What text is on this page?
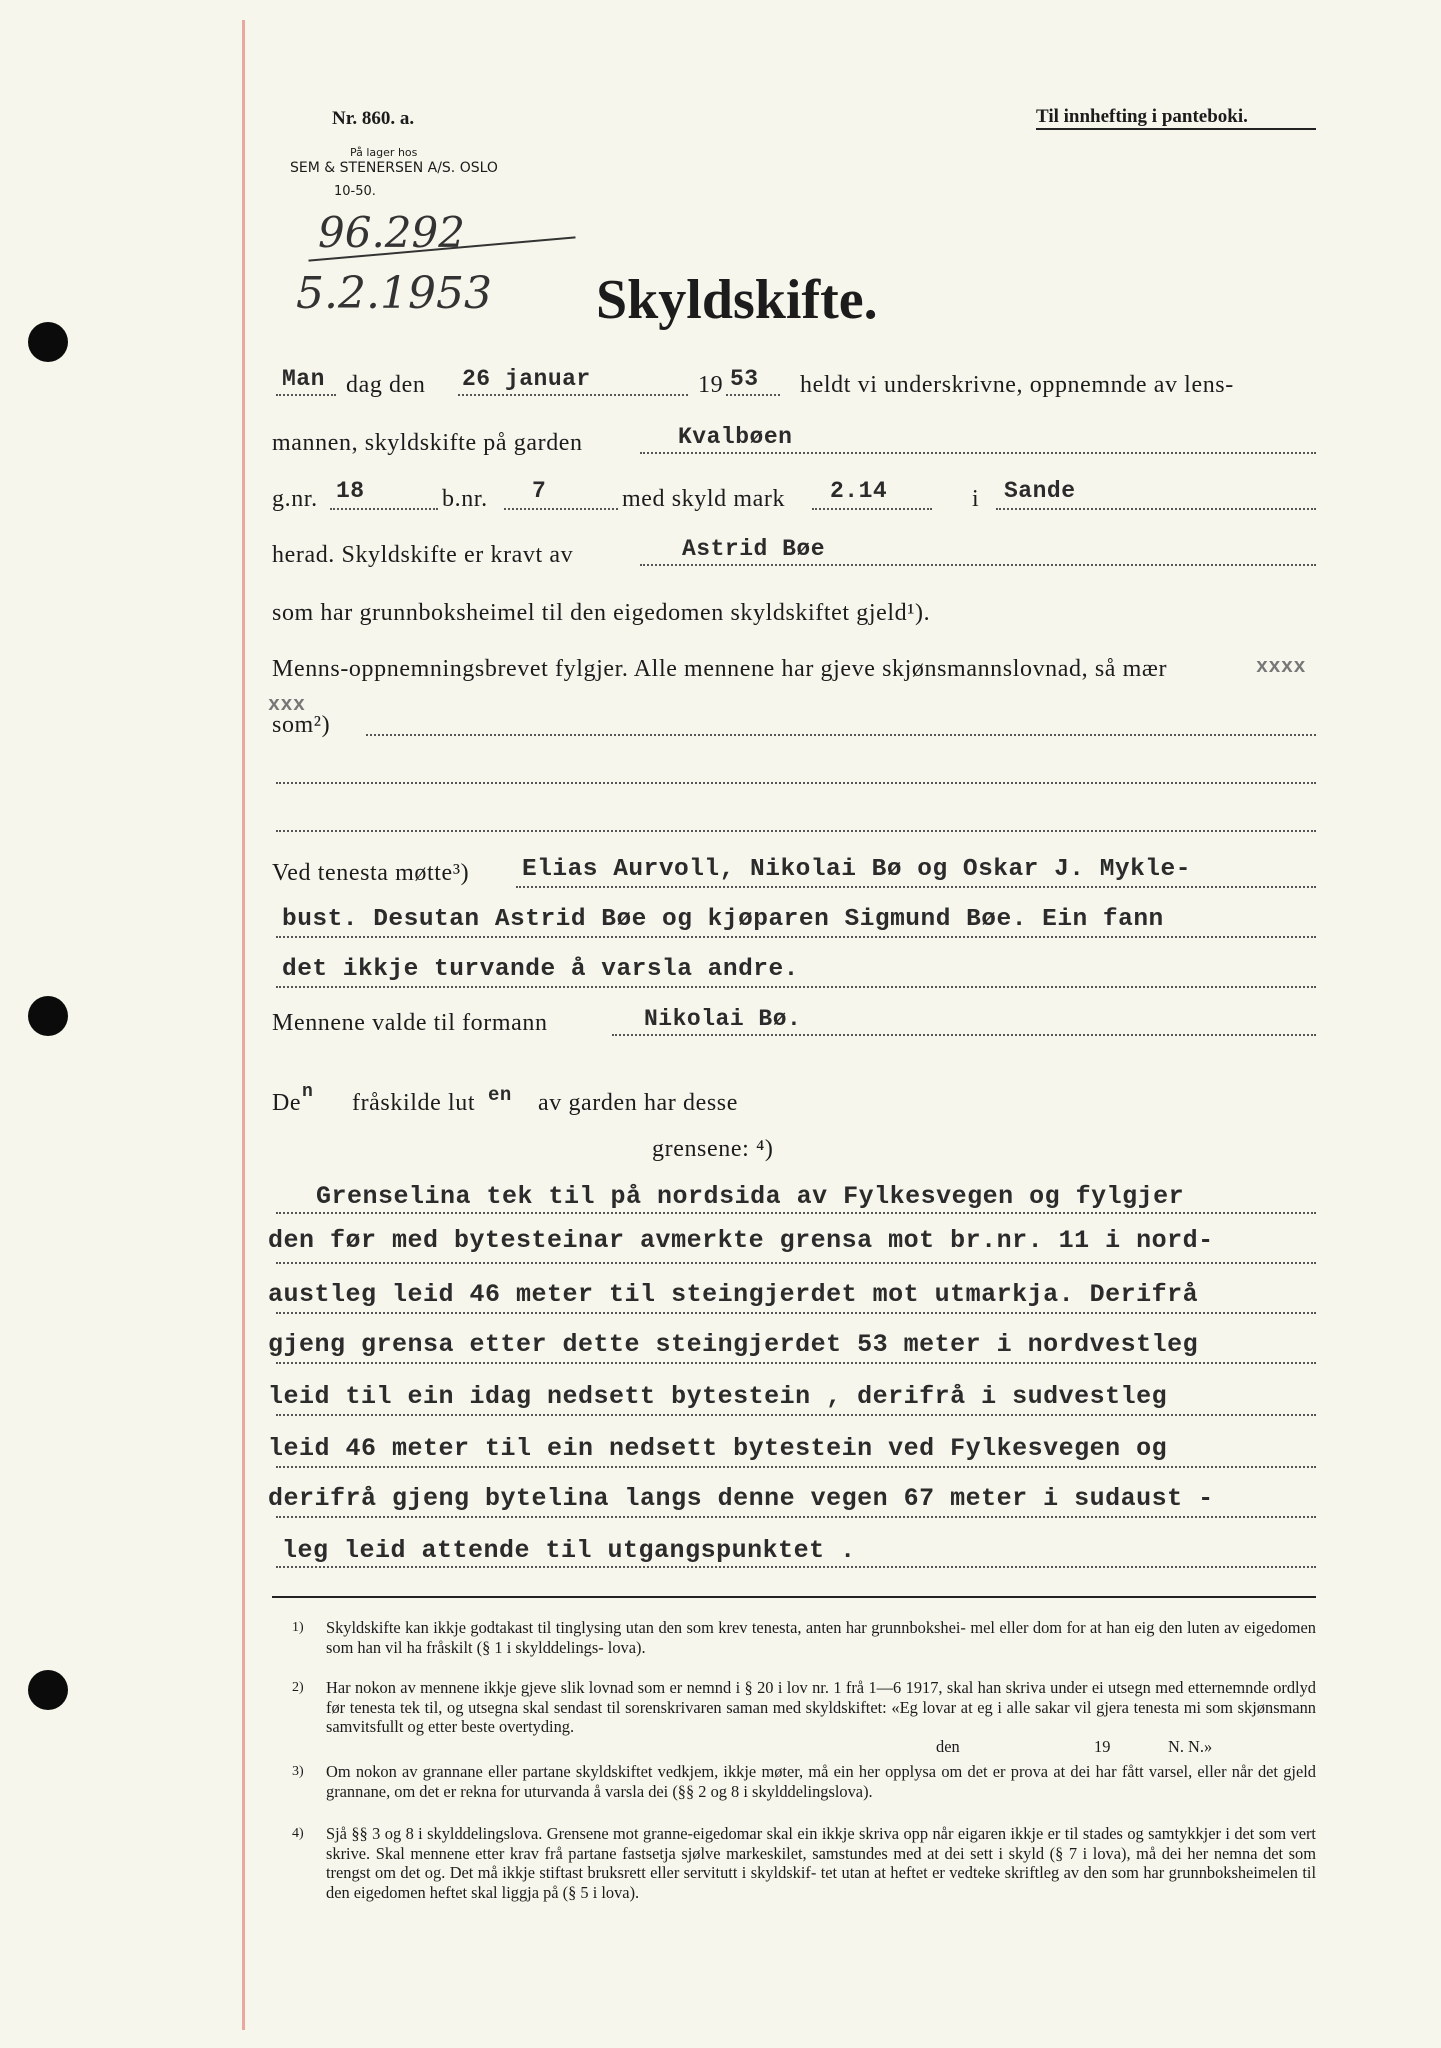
Nr. 860. a.
På lager hos
SEM & STENERSEN A/S. OSLO
10-50.
Til innhefting i panteboki.
96.292
5.2.1953 Skyldskifte.
Man dag den 26 januar	19 53 heldt vi underskrivne, oppnemnde av lens-
mannen, skyldskifte på garden	Kvalbøen
g.nr. 18	b.nr. 7	med skyld mark 2.14	i Sande
herad. Skyldskifte er kravt av	Astrid Bøe
som har grunnboksheimel til den eigedomen skyldskiftet gjeld¹).
Menns-oppnemningsbrevet fylgjer. Alle mennene har gjeve skjønsmannslovnad, så mær	xxxx
xxx
som²)
Ved tenesta møtte³) Elias Aurvoll, Nikolai Bø og Oskar J. Mykle-
bust. Desutan Astrid Bøe og kjøparen Sigmund Bøe. Ein fann
det ikkje turvande å varsla andre.
Mennene valde til formann	Nikolai Bø.
De n fråskilde lut en av garden har desse
grensene: ⁴)
Grenselina tek til på nordsida av Fylkesvegen og fylgjer
den før med bytesteinar avmerkte grensa mot br.nr. 11 i nord-
austleg leid 46 meter til steingjerdet mot utmarkja. Derifrå
gjeng grensa etter dette steingjerdet 53 meter i nordvestleg
leid til ein idag nedsett bytestein , derifrå i sudvestleg
leid 46 meter til ein nedsett bytestein ved Fylkesvegen og
derifrå gjeng bytelina langs denne vegen 67 meter i sudaust -
leg leid attende til utgangspunktet .
1) Skyldskifte kan ikkje godtakast til tinglysing utan den som krev tenesta, anten har grunnbokshei- mel eller dom for at han eig den luten av eigedomen som han vil ha fråskilt (§ 1 i skylddelings- lova).
2) Har nokon av mennene ikkje gjeve slik lovnad som er nemnd i § 20 i lov nr. 1 frå 1—6 1917, skal han skriva under ei utsegn med etternemnde ordlyd før tenesta tek til, og utsegna skal sendast til sorenskrivaren saman med skyldskiftet: «Eg lovar at eg i alle sakar vil gjera tenesta mi som skjønsmann samvitsfullt og etter beste overtyding.
den	19	N. N.»
3) Om nokon av grannane eller partane skyldskiftet vedkjem, ikkje møter, må ein her opplysa om det er prova at dei har fått varsel, eller når det gjeld grannane, om det er rekna for uturvanda å varsla dei (§§ 2 og 8 i skylddelingslova).
4) Sjå §§ 3 og 8 i skylddelingslova. Grensene mot granne-eigedomar skal ein ikkje skriva opp når eigaren ikkje er til stades og samtykkjer i det som vert skrive. Skal mennene etter krav frå partane fastsetja sjølve markeskilet, samstundes med at dei sett i skyld (§ 7 i lova), må dei her nemna det som trengst om det og. Det må ikkje stiftast bruksrett eller servitutt i skyldskif- tet utan at heftet er vedteke skriftleg av den som har grunnboksheimelen til den eigedomen heftet skal liggja på (§ 5 i lova).
